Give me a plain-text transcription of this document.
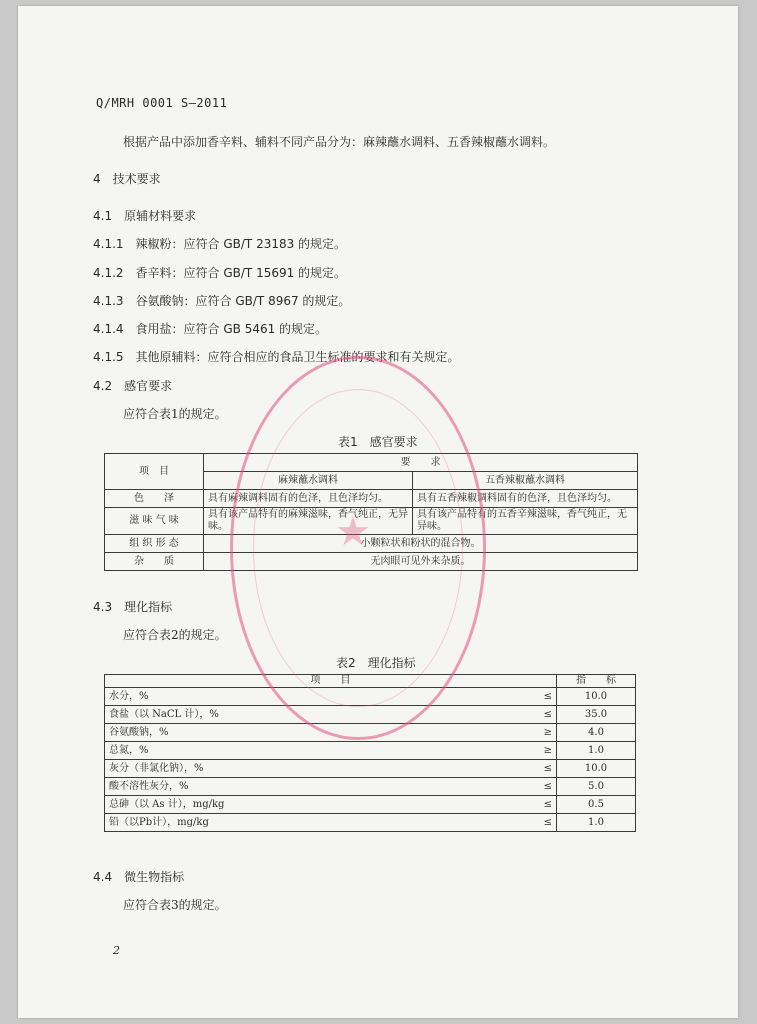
Q/MRH 0001 S—2011
根据产品中添加香辛料、辅料不同产品分为：麻辣蘸水调料、五香辣椒蘸水调料。
4　技术要求
4.1　原辅材料要求
4.1.1　辣椒粉：应符合 GB/T 23183 的规定。
4.1.2　香辛料：应符合 GB/T 15691 的规定。
4.1.3　谷氨酸钠：应符合 GB/T 8967 的规定。
4.1.4　食用盐：应符合 GB 5461 的规定。
4.1.5　其他原辅料：应符合相应的食品卫生标准的要求和有关规定。
4.2　感官要求
应符合表1的规定。
表1　感官要求
项　目	要　　求	
	麻辣蘸水调料	五香辣椒蘸水调料
色　　泽	具有麻辣调料固有的色泽，且色泽均匀。	具有五香辣椒调料固有的色泽，且色泽均匀。
滋 味 气 味	具有该产品特有的麻辣滋味，香气纯正，无异味。	具有该产品特有的五香辛辣滋味，香气纯正，无异味。
组 织 形 态	小颗粒状和粉状的混合物。	
杂　　质	无肉眼可见外来杂质。	
4.3　理化指标
应符合表2的规定。
表2　理化指标
项　　目		指　　标
水分，%	≤	10.0
食盐（以 NaCL 计），%	≤	35.0
谷氨酸钠，%	≥	4.0
总氮，%	≥	1.0
灰分（非氯化钠），%	≤	10.0
酸不溶性灰分，%	≤	5.0
总砷（以 As 计），mg/kg	≤	0.5
铅（以Pb计），mg/kg	≤	1.0
4.4　微生物指标
应符合表3的规定。
2
★
